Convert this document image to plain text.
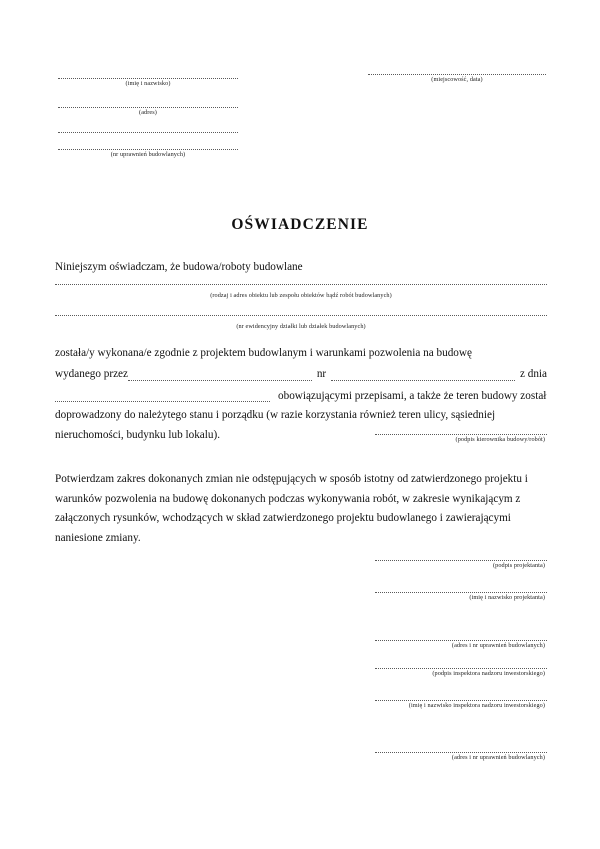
(imię i nazwisko)
(adres)
(nr uprawnień budowlanych)
(miejscowość, data)
OŚWIADCZENIE
Niniejszym oświadczam, że budowa/roboty budowlane
(rodzaj i adres obiektu lub zespołu obiektów bądź robót budowlanych)
(nr ewidencyjny działki lub działek budowlanych)
została/y wykonana/e zgodnie z projektem budowlanym i warunkami pozwolenia na budowę
wydanego przez	nr	z dnia
obowiązującymi przepisami, a także że teren budowy został
doprowadzony do należytego stanu i porządku (w razie korzystania również teren ulicy, sąsiedniej
nieruchomości, budynku lub lokalu).	(podpis kierownika budowy/robót)
Potwierdzam zakres dokonanych zmian nie odstępujących w sposób istotny od zatwierdzonego projektu i warunków pozwolenia na budowę dokonanych podczas wykonywania robót, w zakresie wynikającym z załączonych rysunków, wchodzących w skład zatwierdzonego projektu budowlanego i zawierającymi naniesione zmiany.
(podpis projektanta)
(imię i nazwisko projektanta)
(adres i nr uprawnień budowlanych)
(podpis inspektora nadzoru inwestorskiego)
(imię i nazwisko inspektora nadzoru inwestorskiego)
(adres i nr uprawnień budowlanych)
